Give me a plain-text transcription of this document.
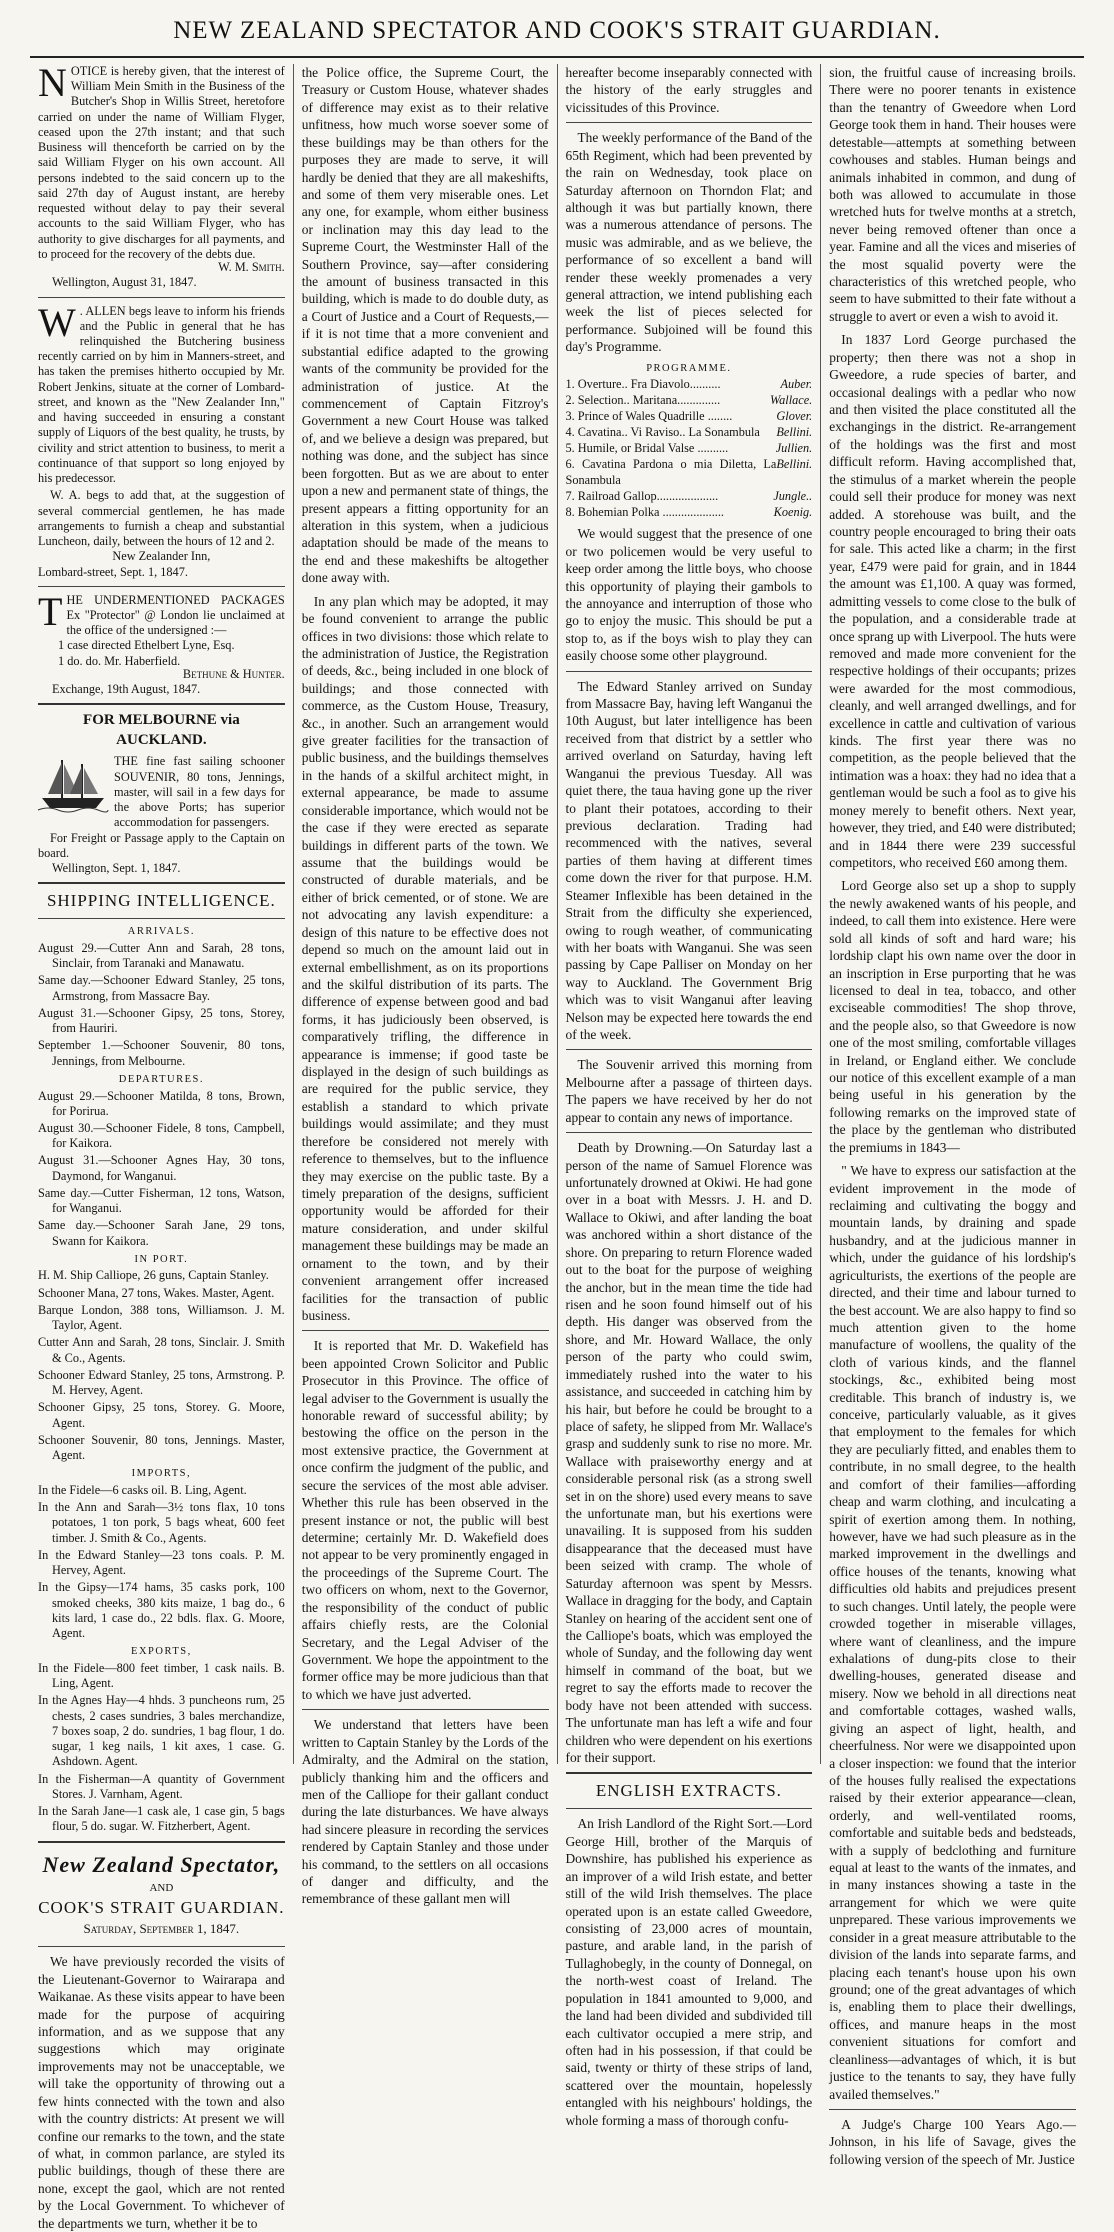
NEW ZEALAND SPECTATOR AND COOK'S STRAIT GUARDIAN.
N OTICE is hereby given, that the interest of William Mein Smith in the Business of the Butcher's Shop in Willis Street, heretofore carried on under the name of William Flyger, ceased upon the 27th instant; and that such Business will thenceforth be carried on by the said William Flyger on his own account. All persons indebted to the said concern up to the said 27th day of August instant, are hereby requested without delay to pay their several accounts to the said William Flyger, who has authority to give discharges for all payments, and to proceed for the recovery of the debts due.
W. M. Smith.
Wellington, August 31, 1847.
W . ALLEN begs leave to inform his friends and the Public in general that he has relinquished the Butchering business recently carried on by him in Manners-street, and has taken the premises hitherto occupied by Mr. Robert Jenkins, situate at the corner of Lombard-street, and known as the "New Zealander Inn," and having succeeded in ensuring a constant supply of Liquors of the best quality, he trusts, by civility and strict attention to business, to merit a continuance of that support so long enjoyed by his predecessor.
W. A. begs to add that, at the suggestion of several commercial gentlemen, he has made arrangements to furnish a cheap and substantial Luncheon, daily, between the hours of 12 and 2.
New Zealander Inn,
Lombard-street, Sept. 1, 1847.
T HE UNDERMENTIONED PACKAGES Ex "Protector" @ London lie unclaimed at the office of the undersigned :—
1 case directed Ethelbert Lyne, Esq.
1 do. do. Mr. Haberfield.
Bethune & Hunter.
Exchange, 19th August, 1847.
FOR MELBOURNE via AUCKLAND.
THE fine fast sailing schooner SOUVENIR, 80 tons, Jennings, master, will sail in a few days for the above Ports; has superior accommodation for passengers.
For Freight or Passage apply to the Captain on board.
Wellington, Sept. 1, 1847.
SHIPPING INTELLIGENCE.
ARRIVALS.
August 29.—Cutter Ann and Sarah, 28 tons, Sinclair, from Taranaki and Manawatu.
Same day.—Schooner Edward Stanley, 25 tons, Armstrong, from Massacre Bay.
August 31.—Schooner Gipsy, 25 tons, Storey, from Hauriri.
September 1.—Schooner Souvenir, 80 tons, Jennings, from Melbourne.
DEPARTURES.
August 29.—Schooner Matilda, 8 tons, Brown, for Porirua.
August 30.—Schooner Fidele, 8 tons, Campbell, for Kaikora.
August 31.—Schooner Agnes Hay, 30 tons, Daymond, for Wanganui.
Same day.—Cutter Fisherman, 12 tons, Watson, for Wanganui.
Same day.—Schooner Sarah Jane, 29 tons, Swann for Kaikora.
IN PORT.
H. M. Ship Calliope, 26 guns, Captain Stanley.
Schooner Mana, 27 tons, Wakes. Master, Agent.
Barque London, 388 tons, Williamson. J. M. Taylor, Agent.
Cutter Ann and Sarah, 28 tons, Sinclair. J. Smith & Co., Agents.
Schooner Edward Stanley, 25 tons, Armstrong. P. M. Hervey, Agent.
Schooner Gipsy, 25 tons, Storey. G. Moore, Agent.
Schooner Souvenir, 80 tons, Jennings. Master, Agent.
IMPORTS,
In the Fidele—6 casks oil. B. Ling, Agent.
In the Ann and Sarah—3½ tons flax, 10 tons potatoes, 1 ton pork, 5 bags wheat, 600 feet timber. J. Smith & Co., Agents.
In the Edward Stanley—23 tons coals. P. M. Hervey, Agent.
In the Gipsy—174 hams, 35 casks pork, 100 smoked cheeks, 380 kits maize, 1 bag do., 6 kits lard, 1 case do., 22 bdls. flax. G. Moore, Agent.
EXPORTS,
In the Fidele—800 feet timber, 1 cask nails. B. Ling, Agent.
In the Agnes Hay—4 hhds. 3 puncheons rum, 25 chests, 2 cases sundries, 3 bales merchandize, 7 boxes soap, 2 do. sundries, 1 bag flour, 1 do. sugar, 1 keg nails, 1 kit axes, 1 case. G. Ashdown. Agent.
In the Fisherman—A quantity of Government Stores. J. Varnham, Agent.
In the Sarah Jane—1 cask ale, 1 case gin, 5 bags flour, 5 do. sugar. W. Fitzherbert, Agent.
New Zealand Spectator,
AND
COOK'S STRAIT GUARDIAN.
Saturday, September 1, 1847.

We have previously recorded the visits of the Lieutenant-Governor to Wairarapa and Waikanae. As these visits appear to have been made for the purpose of acquiring information, and as we suppose that any suggestions which may originate improvements may not be unacceptable, we will take the opportunity of throwing out a few hints connected with the town and also with the country districts: At present we will confine our remarks to the town, and the state of what, in common parlance, are styled its public buildings, though of these there are none, except the gaol, which are not rented by the Local Government. To whichever of the departments we turn, whether it be to

the Police office, the Supreme Court, the Treasury or Custom House, whatever shades of difference may exist as to their relative unfitness, how much worse soever some of these buildings may be than others for the purposes they are made to serve, it will hardly be denied that they are all makeshifts, and some of them very miserable ones. Let any one, for example, whom either business or inclination may this day lead to the Supreme Court, the Westminster Hall of the Southern Province, say—after considering the amount of business transacted in this building, which is made to do double duty, as a Court of Justice and a Court of Requests,—if it is not time that a more convenient and substantial edifice adapted to the growing wants of the community be provided for the administration of justice. At the commencement of Captain Fitzroy's Government a new Court House was talked of, and we believe a design was prepared, but nothing was done, and the subject has since been forgotten. But as we are about to enter upon a new and permanent state of things, the present appears a fitting opportunity for an alteration in this system, when a judicious adaptation should be made of the means to the end and these makeshifts be altogether done away with.

In any plan which may be adopted, it may be found convenient to arrange the public offices in two divisions: those which relate to the administration of Justice, the Registration of deeds, &c., being included in one block of buildings; and those connected with commerce, as the Custom House, Treasury, &c., in another. Such an arrangement would give greater facilities for the transaction of public business, and the buildings themselves in the hands of a skilful architect might, in external appearance, be made to assume considerable importance, which would not be the case if they were erected as separate buildings in different parts of the town. We assume that the buildings would be constructed of durable materials, and be either of brick cemented, or of stone. We are not advocating any lavish expenditure: a design of this nature to be effective does not depend so much on the amount laid out in external embellishment, as on its proportions and the skilful distribution of its parts. The difference of expense between good and bad forms, it has judiciously been observed, is comparatively trifling, the difference in appearance is immense; if good taste be displayed in the design of such buildings as are required for the public service, they establish a standard to which private buildings would assimilate; and they must therefore be considered not merely with reference to themselves, but to the influence they may exercise on the public taste. By a timely preparation of the designs, sufficient opportunity would be afforded for their mature consideration, and under skilful management these buildings may be made an ornament to the town, and by their convenient arrangement offer increased facilities for the transaction of public business.

It is reported that Mr. D. Wakefield has been appointed Crown Solicitor and Public Prosecutor in this Province. The office of legal adviser to the Government is usually the honorable reward of successful ability; by bestowing the office on the person in the most extensive practice, the Government at once confirm the judgment of the public, and secure the services of the most able adviser. Whether this rule has been observed in the present instance or not, the public will best determine; certainly Mr. D. Wakefield does not appear to be very prominently engaged in the proceedings of the Supreme Court. The two officers on whom, next to the Governor, the responsibility of the conduct of public affairs chiefly rests, are the Colonial Secretary, and the Legal Adviser of the Government. We hope the appointment to the former office may be more judicious than that to which we have just adverted.

We understand that letters have been written to Captain Stanley by the Lords of the Admiralty, and the Admiral on the station, publicly thanking him and the officers and men of the Calliope for their gallant conduct during the late disturbances. We have always had sincere pleasure in recording the services rendered by Captain Stanley and those under his command, to the settlers on all occasions of danger and difficulty, and the remembrance of these gallant men will

hereafter become inseparably connected with the history of the early struggles and vicissitudes of this Province.

The weekly performance of the Band of the 65th Regiment, which had been prevented by the rain on Wednesday, took place on Saturday afternoon on Thorndon Flat; and although it was but partially known, there was a numerous attendance of persons. The music was admirable, and as we believe, the performance of so excellent a band will render these weekly promenades a very general attraction, we intend publishing each week the list of pieces selected for performance. Subjoined will be found this day's Programme.

PROGRAMME.
1. Overture.. Fra Diavolo..........	Auber.
2. Selection.. Maritana..............	Wallace.
3. Prince of Wales Quadrille ........	Glover.
4. Cavatina.. Vi Raviso.. La Sonambula Bellini.
5. Humile, or Bridal Valse ..........	Jullien.
6. Cavatina Pardona o mia Diletta, La Sonambula
Bellini.
7. Railroad Gallop....................	Jungle..
8. Bohemian Polka ....................	Koenig.

We would suggest that the presence of one or two policemen would be very useful to keep order among the little boys, who choose this opportunity of playing their gambols to the annoyance and interruption of those who go to enjoy the music. This should be put a stop to, as if the boys wish to play they can easily choose some other playground.

The Edward Stanley arrived on Sunday from Massacre Bay, having left Wanganui the 10th August, but later intelligence has been received from that district by a settler who arrived overland on Saturday, having left Wanganui the previous Tuesday. All was quiet there, the taua having gone up the river to plant their potatoes, according to their previous declaration. Trading had recommenced with the natives, several parties of them having at different times come down the river for that purpose. H.M. Steamer Inflexible has been detained in the Strait from the difficulty she experienced, owing to rough weather, of communicating with her boats with Wanganui. She was seen passing by Cape Palliser on Monday on her way to Auckland. The Government Brig which was to visit Wanganui after leaving Nelson may be expected here towards the end of the week.

The Souvenir arrived this morning from Melbourne after a passage of thirteen days. The papers we have received by her do not appear to contain any news of importance.

Death by Drowning.—On Saturday last a person of the name of Samuel Florence was unfortunately drowned at Okiwi. He had gone over in a boat with Messrs. J. H. and D. Wallace to Okiwi, and after landing the boat was anchored within a short distance of the shore. On preparing to return Florence waded out to the boat for the purpose of weighing the anchor, but in the mean time the tide had risen and he soon found himself out of his depth. His danger was observed from the shore, and Mr. Howard Wallace, the only person of the party who could swim, immediately rushed into the water to his assistance, and succeeded in catching him by his hair, but before he could be brought to a place of safety, he slipped from Mr. Wallace's grasp and suddenly sunk to rise no more. Mr. Wallace with praiseworthy energy and at considerable personal risk (as a strong swell set in on the shore) used every means to save the unfortunate man, but his exertions were unavailing. It is supposed from his sudden disappearance that the deceased must have been seized with cramp. The whole of Saturday afternoon was spent by Messrs. Wallace in dragging for the body, and Captain Stanley on hearing of the accident sent one of the Calliope's boats, which was employed the whole of Sunday, and the following day went himself in command of the boat, but we regret to say the efforts made to recover the body have not been attended with success. The unfortunate man has left a wife and four children who were dependent on his exertions for their support.

ENGLISH EXTRACTS.

An Irish Landlord of the Right Sort.—Lord George Hill, brother of the Marquis of Downshire, has published his experience as an improver of a wild Irish estate, and better still of the wild Irish themselves. The place operated upon is an estate called Gweedore, consisting of 23,000 acres of mountain, pasture, and arable land, in the parish of Tullaghobegly, in the county of Donnegal, on the north-west coast of Ireland. The population in 1841 amounted to 9,000, and the land had been divided and subdivided till each cultivator occupied a mere strip, and often had in his possession, if that could be said, twenty or thirty of these strips of land, scattered over the mountain, hopelessly entangled with his neighbours' holdings, the whole forming a mass of thorough confu-

sion, the fruitful cause of increasing broils. There were no poorer tenants in existence than the tenantry of Gweedore when Lord George took them in hand. Their houses were detestable—attempts at something between cowhouses and stables. Human beings and animals inhabited in common, and dung of both was allowed to accumulate in those wretched huts for twelve months at a stretch, never being removed oftener than once a year. Famine and all the vices and miseries of the most squalid poverty were the characteristics of this wretched people, who seem to have submitted to their fate without a struggle to avert or even a wish to avoid it.

In 1837 Lord George purchased the property; then there was not a shop in Gweedore, a rude species of barter, and occasional dealings with a pedlar who now and then visited the place constituted all the exchangings in the district. Re-arrangement of the holdings was the first and most difficult reform. Having accomplished that, the stimulus of a market wherein the people could sell their produce for money was next added. A storehouse was built, and the country people encouraged to bring their oats for sale. This acted like a charm; in the first year, £479 were paid for grain, and in 1844 the amount was £1,100. A quay was formed, admitting vessels to come close to the bulk of the population, and a considerable trade at once sprang up with Liverpool. The huts were removed and made more convenient for the respective holdings of their occupants; prizes were awarded for the most commodious, cleanly, and well arranged dwellings, and for excellence in cattle and cultivation of various kinds. The first year there was no competition, as the people believed that the intimation was a hoax: they had no idea that a gentleman would be such a fool as to give his money merely to benefit others. Next year, however, they tried, and £40 were distributed; and in 1844 there were 239 successful competitors, who received £60 among them.

Lord George also set up a shop to supply the newly awakened wants of his people, and indeed, to call them into existence. Here were sold all kinds of soft and hard ware; his lordship clapt his own name over the door in an inscription in Erse purporting that he was licensed to deal in tea, tobacco, and other exciseable commodities! The shop throve, and the people also, so that Gweedore is now one of the most smiling, comfortable villages in Ireland, or England either. We conclude our notice of this excellent example of a man being useful in his generation by the following remarks on the improved state of the place by the gentleman who distributed the premiums in 1843—

" We have to express our satisfaction at the evident improvement in the mode of reclaiming and cultivating the boggy and mountain lands, by draining and spade husbandry, and at the judicious manner in which, under the guidance of his lordship's agriculturists, the exertions of the people are directed, and their time and labour turned to the best account. We are also happy to find so much attention given to the home manufacture of woollens, the quality of the cloth of various kinds, and the flannel stockings, &c., exhibited being most creditable. This branch of industry is, we conceive, particularly valuable, as it gives that employment to the females for which they are peculiarly fitted, and enables them to contribute, in no small degree, to the health and comfort of their families—affording cheap and warm clothing, and inculcating a spirit of exertion among them. In nothing, however, have we had such pleasure as in the marked improvement in the dwellings and office houses of the tenants, knowing what difficulties old habits and prejudices present to such changes. Until lately, the people were crowded together in miserable villages, where want of cleanliness, and the impure exhalations of dung-pits close to their dwelling-houses, generated disease and misery. Now we behold in all directions neat and comfortable cottages, washed walls, giving an aspect of light, health, and cheerfulness. Nor were we disappointed upon a closer inspection: we found that the interior of the houses fully realised the expectations raised by their exterior appearance—clean, orderly, and well-ventilated rooms, comfortable and suitable beds and bedsteads, with a supply of bedclothing and furniture equal at least to the wants of the inmates, and in many instances showing a taste in the arrangement for which we were quite unprepared. These various improvements we consider in a great measure attributable to the division of the lands into separate farms, and placing each tenant's house upon his own ground; one of the great advantages of which is, enabling them to place their dwellings, offices, and manure heaps in the most convenient situations for comfort and cleanliness—advantages of which, it is but justice to the tenants to say, they have fully availed themselves."

A Judge's Charge 100 Years Ago.—Johnson, in his life of Savage, gives the following version of the speech of Mr. Justice
